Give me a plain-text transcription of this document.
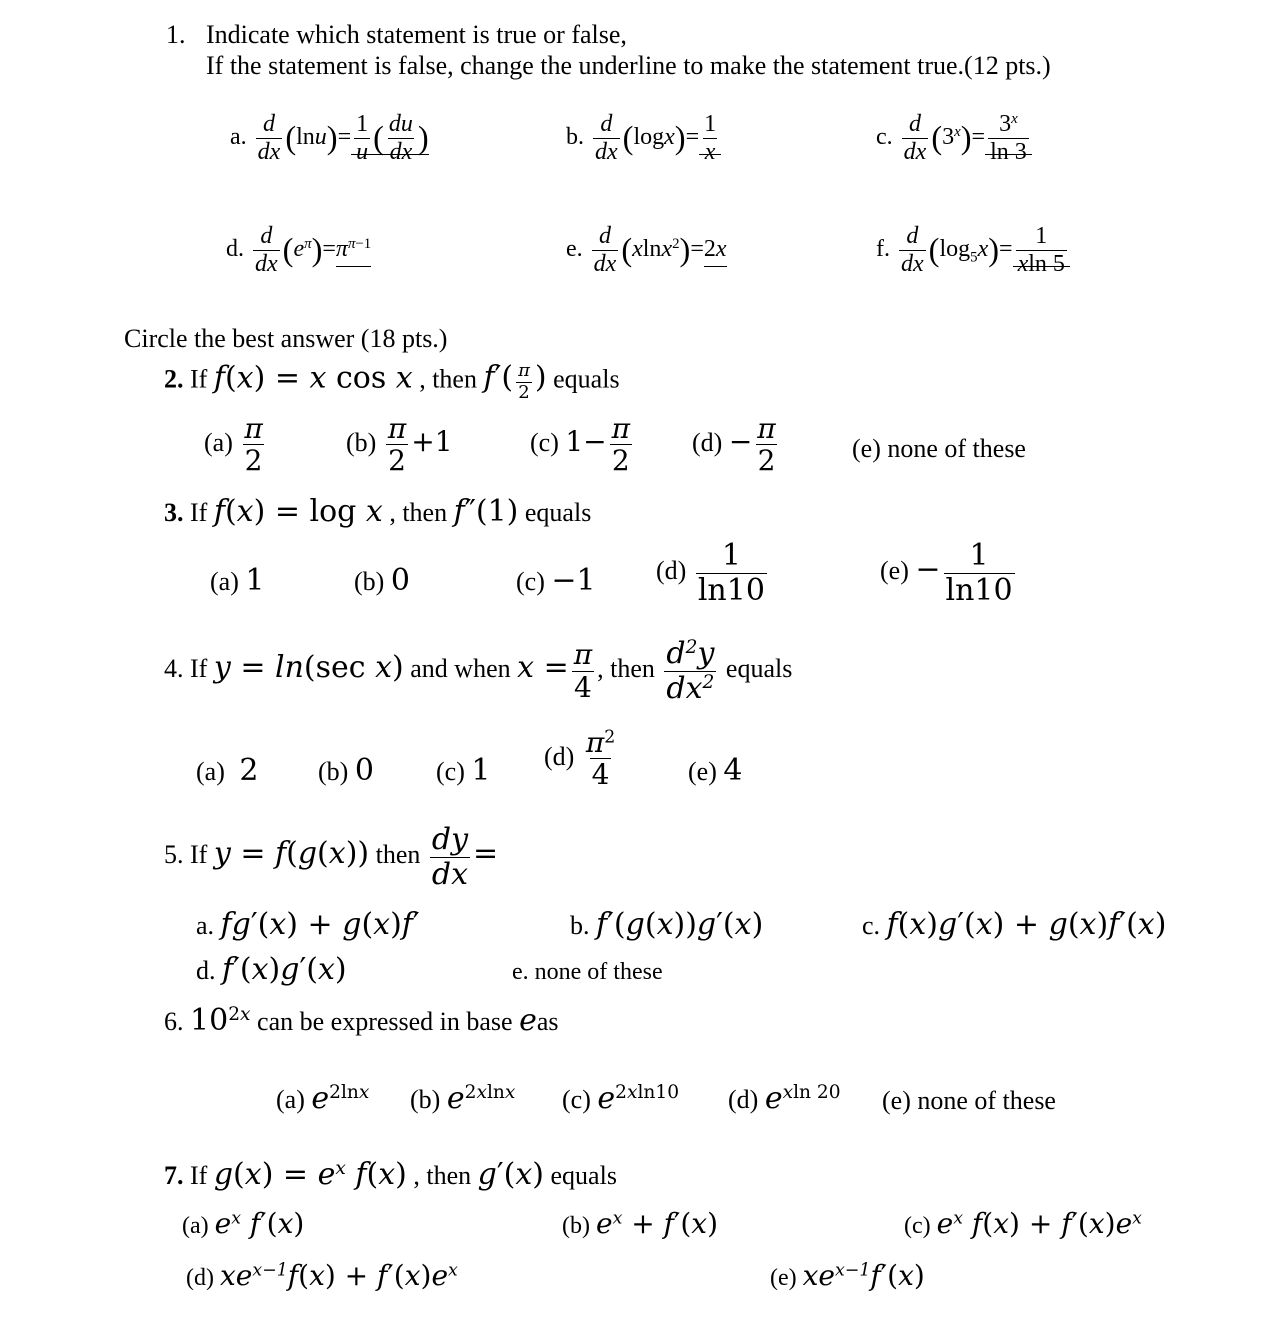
1. Indicate which statement is true or false,
If the statement is false, change the underline to make the statement true.(12 pts.)
a. $\frac{d}{dx} (\ln u)= \frac{1}{u}$ ( $\frac{du}{dx}$ )	b. $\frac{d}{dx} (\log x)= \frac{1}{x}$	c. $\frac{d}{dx} (3^x)= \frac{3^x}{\ln 3}$
d. $\frac{d}{dx} (e^\pi)=\pi^{\pi-1}$	e. $\frac{d}{dx} (xlnx^2)=2x$	f. $\frac{d}{dx} (\log_5x)= \frac{1}{xln 5}$
Circle the best answer (18 pts.)
2. If f(x) = x cos x , then $f'( \frac{\pi}{2}$ ) equals
$(a) \frac{\pi}{2}$	$(b) \frac{\pi}{2} +1$	(c) $1- \frac{\pi}{2} (d) - \frac{\pi}{2}$	(e) none of these
3. If f(x) = log x , then f″(1) equals
(a) 1	(b) 0	(c) −1 $(d) \frac{1}{\ln 10}$	$(e) - \frac{1}{\ln 10}$
4. If y = ln(sec x) and when $x = \frac{\pi}{4}$ , then $\frac{d^2y}{dx^2}$ equals
(a) 2 (b) 0 (c) 1 $(d) \frac{\pi^2}{4}$	(e) 4
5. If y = f(g(x)) then $\frac{dy}{dx}$ =
a. fg′(x) + g(x)f′	b. f′(g(x))g′(x)	c. f(x)g′(x) + g(x)f′(x)
d. f′(x)g′(x)	e. none of these
6. $10^{2x}$ can be expressed in base eas
(a) $e^{2lnx}$ (b) $e^{2xlnx}$ (c) $e^{2xln10}$ (d) $e^{xln 20}$ (e) none of these
7. If $g(x) = e^x$ f(x) , then g′(x) equals
(a) $e^x$ f′(x)	(b) $e^x + f'(x)$	(c) $e^x$ $f(x) + f'(x)e^x$
(d) $xe^{x-1}f(x) + f'(x)e^x$	(e) $xe^{x-1}f'(x)$
